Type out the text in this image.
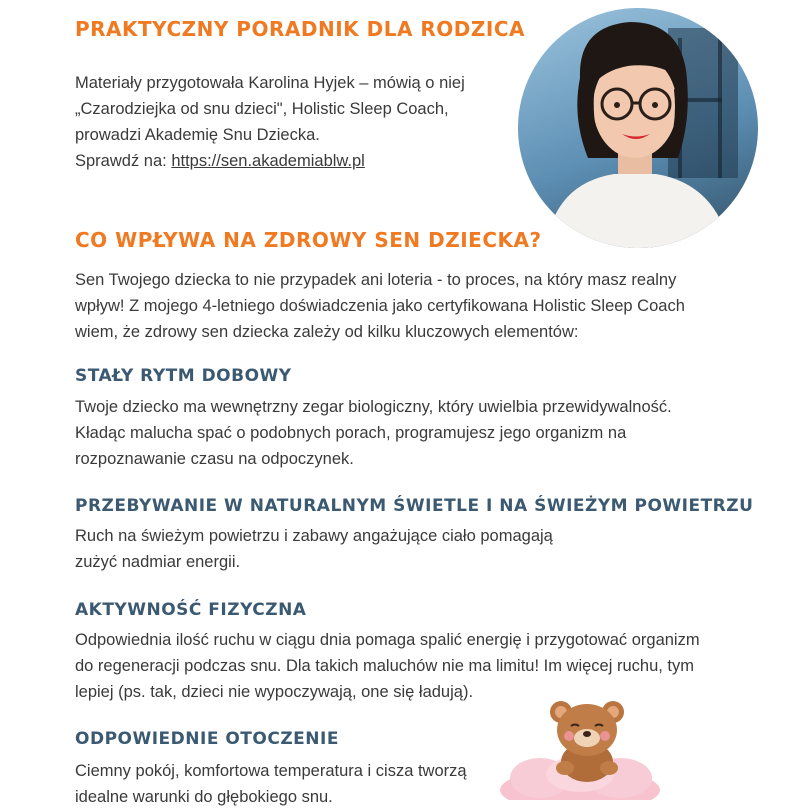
PRAKTYCZNY PORADNIK DLA RODZICA

Materiały przygotowała Karolina Hyjek – mówią o niej
„Czarodziejka od snu dzieci", Holistic Sleep Coach,
prowadzi Akademię Snu Dziecka.
Sprawdź na: https://sen.akademiablw.pl

CO WPŁYWA NA ZDROWY SEN DZIECKA?

Sen Twojego dziecka to nie przypadek ani loteria - to proces, na który masz realny
wpływ! Z mojego 4-letniego doświadczenia jako certyfikowana Holistic Sleep Coach
wiem, że zdrowy sen dziecka zależy od kilku kluczowych elementów:

STAŁY RYTM DOBOWY

Twoje dziecko ma wewnętrzny zegar biologiczny, który uwielbia przewidywalność.
Kładąc malucha spać o podobnych porach, programujesz jego organizm na
rozpoznawanie czasu na odpoczynek.

PRZEBYWANIE W NATURALNYM ŚWIETLE I NA ŚWIEŻYM POWIETRZU

Ruch na świeżym powietrzu i zabawy angażujące ciało pomagają
zużyć nadmiar energii.

AKTYWNOŚĆ FIZYCZNA

Odpowiednia ilość ruchu w ciągu dnia pomaga spalić energię i przygotować organizm
do regeneracji podczas snu. Dla takich maluchów nie ma limitu! Im więcej ruchu, tym
lepiej (ps. tak, dzieci nie wypoczywają, one się ładują).

ODPOWIEDNIE OTOCZENIE

Ciemny pokój, komfortowa temperatura i cisza tworzą
idealne warunki do głębokiego snu.
